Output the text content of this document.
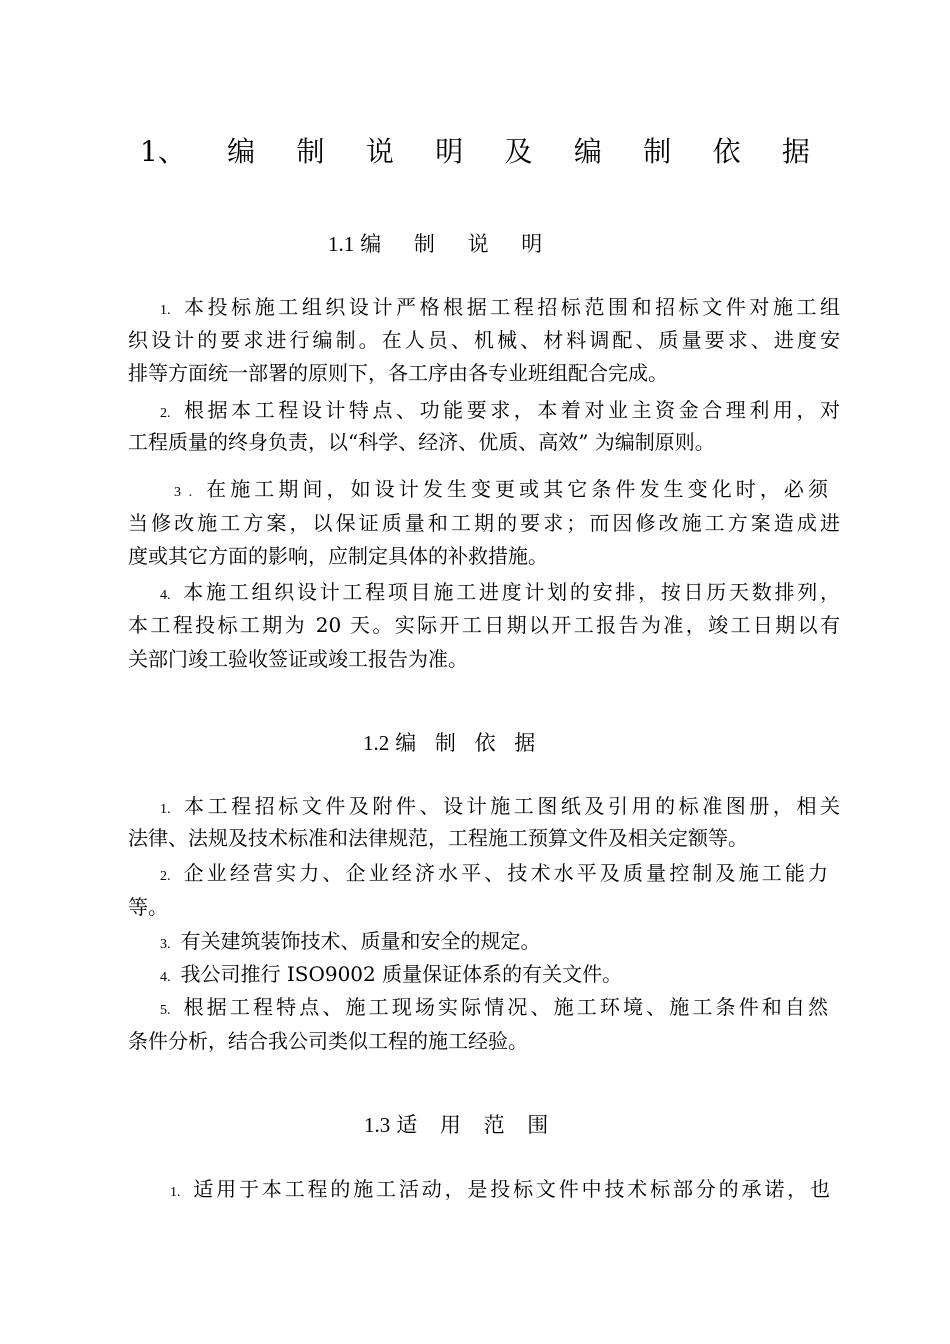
1、 编 制 说 明 及 编 制 依 据
1.1 编 制 说 明
1. 本投标施工组织设计严格根据工程招标范围和招标文件对施工组
织设计的要求进行编制。在人员、机械、材料调配、质量要求、进度安
排等方面统一部署的原则下，各工序由各专业班组配合完成。
2. 根据本工程设计特点、功能要求，本着对业主资金合理利用，对
工程质量的终身负责，以“科学、经济、优质、高效” 为编制原则。
3 . 在施工期间，如设计发生变更或其它条件发生变化时，必须
当修改施工方案，以保证质量和工期的要求；而因修改施工方案造成进
度或其它方面的影响，应制定具体的补救措施。
4. 本施工组织设计工程项目施工进度计划的安排，按日历天数排列，
本工程投标工期为 20 天。实际开工日期以开工报告为准，竣工日期以有
关部门竣工验收签证或竣工报告为准。
1.2 编 制 依 据
1. 本工程招标文件及附件、设计施工图纸及引用的标准图册，相关
法律、法规及技术标准和法律规范，工程施工预算文件及相关定额等。
2. 企业经营实力、企业经济水平、技术水平及质量控制及施工能力
等。
3. 有关建筑装饰技术、质量和安全的规定。
4. 我公司推行 ISO9002 质量保证体系的有关文件。
5. 根据工程特点、施工现场实际情况、施工环境、施工条件和自然
条件分析，结合我公司类似工程的施工经验。
1.3 适 用 范 围
1. 适用于本工程的施工活动，是投标文件中技术标部分的承诺，也
